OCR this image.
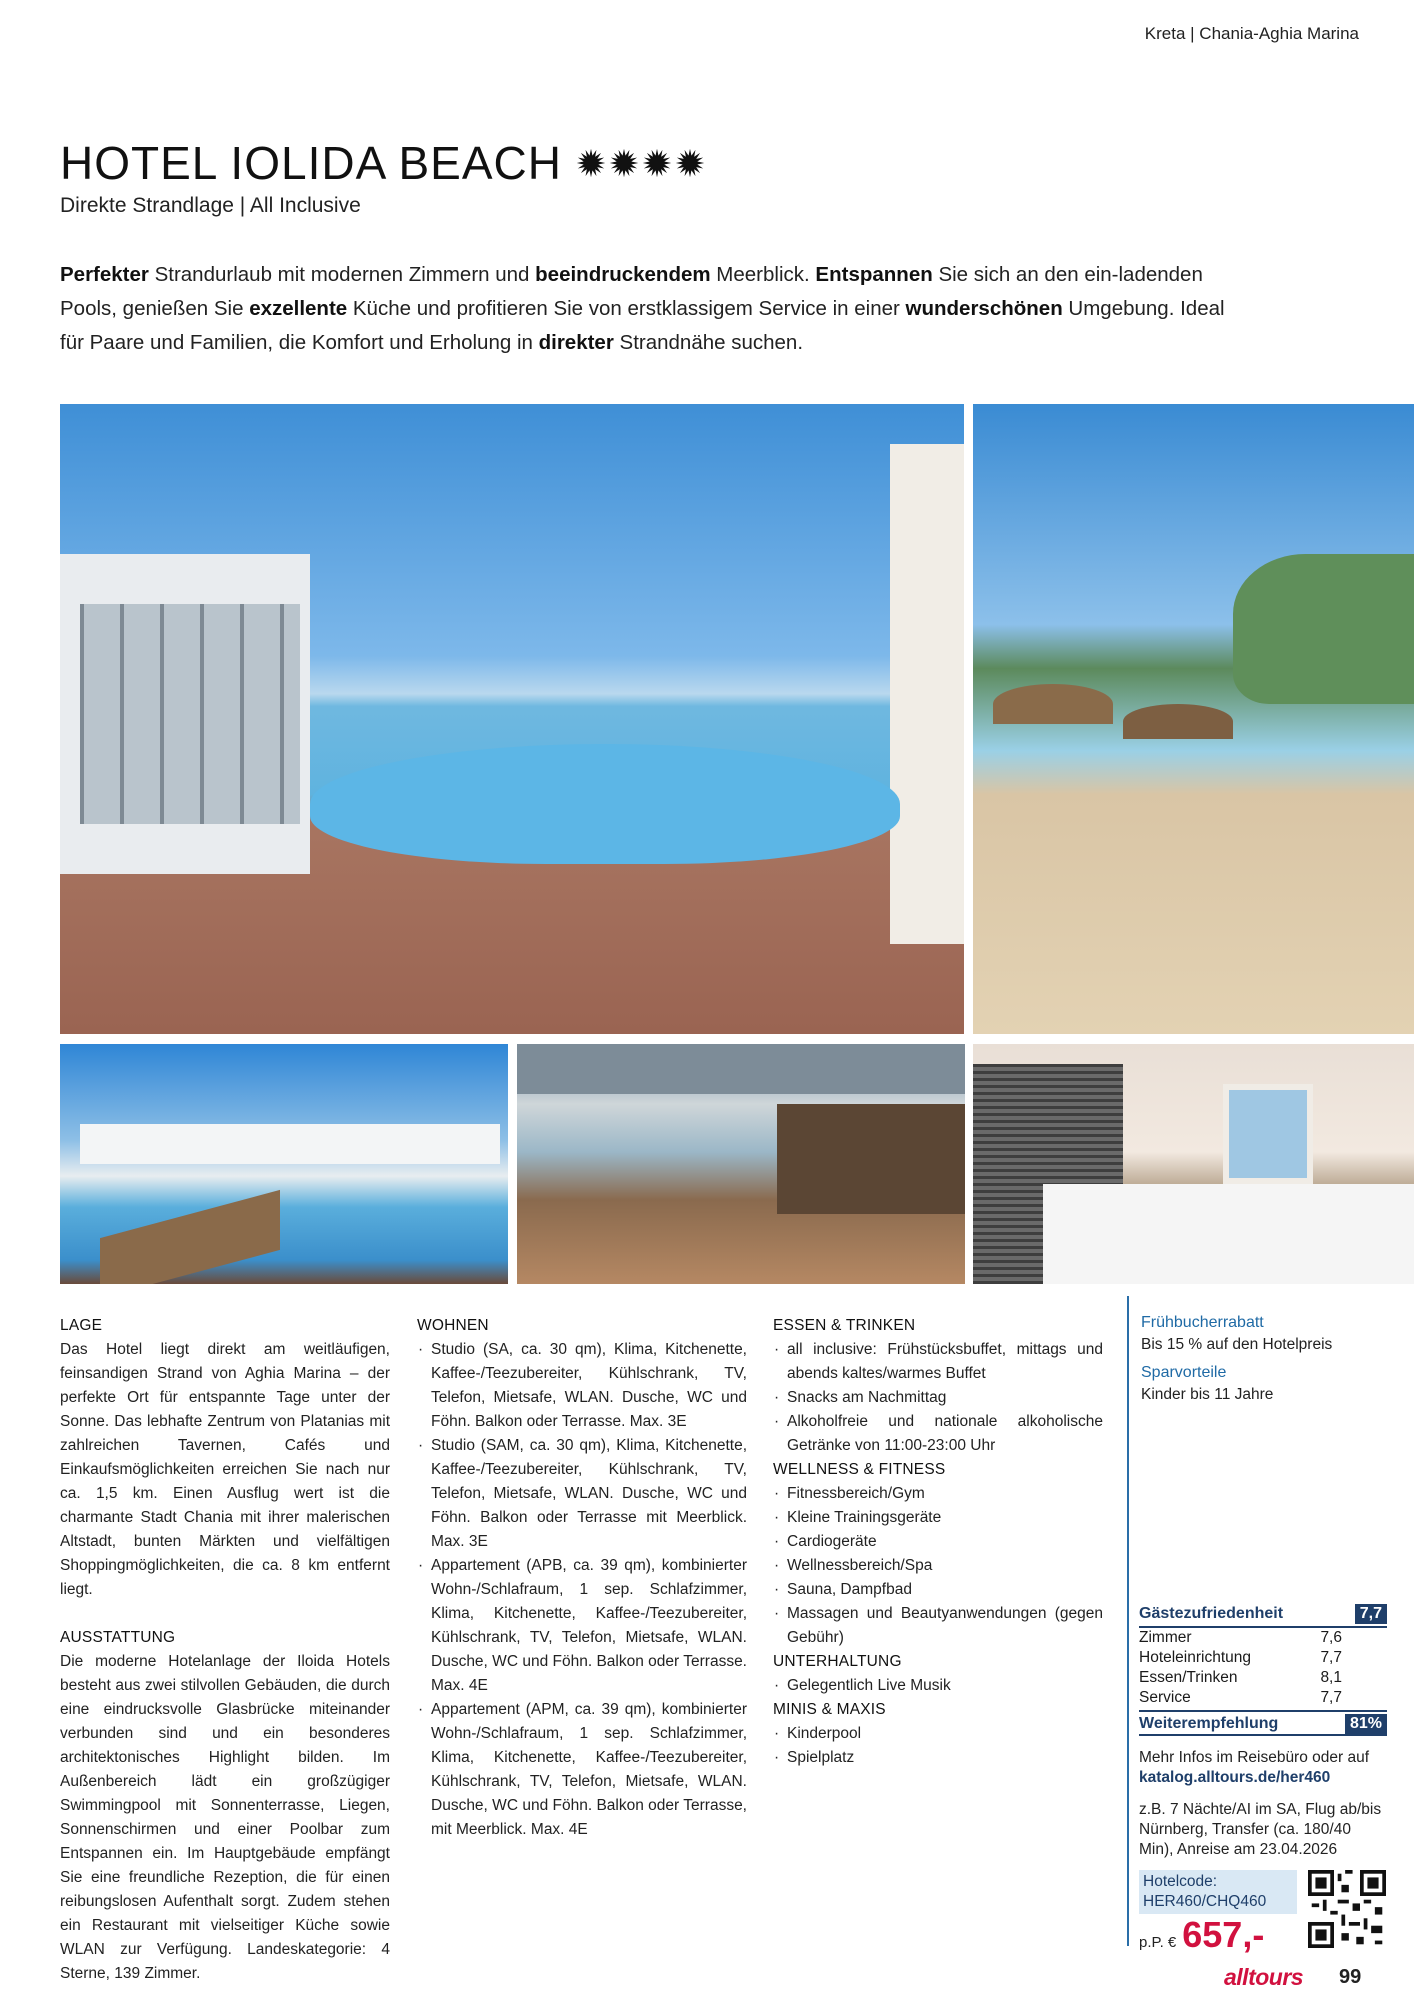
Kreta | Chania-Aghia Marina
HOTEL IOLIDA BEACH
Direkte Strandlage | All Inclusive

Perfekter Strandurlaub mit modernen Zimmern und beeindruckendem Meerblick. Entspannen Sie sich an den ein-ladenden Pools, genießen Sie exzellente Küche und profitieren Sie von erstklassigem Service in einer wunderschönen Umgebung. Ideal für Paare und Familien, die Komfort und Erholung in direkter Strandnähe suchen.

LAGE
Das Hotel liegt direkt am weitläufigen, feinsandigen Strand von Aghia Marina – der perfekte Ort für entspannte Tage unter der Sonne. Das lebhafte Zentrum von Platanias mit zahlreichen Tavernen, Cafés und Einkaufsmöglichkeiten erreichen Sie nach nur ca. 1,5 km. Einen Ausflug wert ist die charmante Stadt Chania mit ihrer malerischen Altstadt, bunten Märkten und vielfältigen Shoppingmöglichkeiten, die ca. 8 km entfernt liegt.
AUSSTATTUNG
Die moderne Hotelanlage der Iloida Hotels besteht aus zwei stilvollen Gebäuden, die durch eine eindrucksvolle Glasbrücke miteinander verbunden sind und ein besonderes architektonisches Highlight bilden. Im Außenbereich lädt ein großzügiger Swimmingpool mit Sonnenterrasse, Liegen, Sonnenschirmen und einer Poolbar zum Entspannen ein. Im Hauptgebäude empfängt Sie eine freundliche Rezeption, die für einen reibungslosen Aufenthalt sorgt. Zudem stehen ein Restaurant mit vielseitiger Küche sowie WLAN zur Verfügung. Landeskategorie: 4 Sterne, 139 Zimmer.
WOHNEN
· Studio (SA, ca. 30 qm), Klima, Kitchenette, Kaffee-/Teezubereiter, Kühlschrank, TV, Telefon, Mietsafe, WLAN. Dusche, WC und Föhn. Balkon oder Terrasse. Max. 3E
· Studio (SAM, ca. 30 qm), Klima, Kitchenette, Kaffee-/Teezubereiter, Kühlschrank, TV, Telefon, Mietsafe, WLAN. Dusche, WC und Föhn. Balkon oder Terrasse mit Meerblick. Max. 3E
· Appartement (APB, ca. 39 qm), kombinierter Wohn-/Schlafraum, 1 sep. Schlafzimmer, Klima, Kitchenette, Kaffee-/Teezubereiter, Kühlschrank, TV, Telefon, Mietsafe, WLAN. Dusche, WC und Föhn. Balkon oder Terrasse. Max. 4E
· Appartement (APM, ca. 39 qm), kombinierter Wohn-/Schlafraum, 1 sep. Schlafzimmer, Klima, Kitchenette, Kaffee-/Teezubereiter, Kühlschrank, TV, Telefon, Mietsafe, WLAN. Dusche, WC und Föhn. Balkon oder Terrasse, mit Meerblick. Max. 4E
ESSEN & TRINKEN
· all inclusive: Frühstücksbuffet, mittags und abends kaltes/warmes Buffet
· Snacks am Nachmittag
· Alkoholfreie und nationale alkoholische Getränke von 11:00-23:00 Uhr
WELLNESS & FITNESS
· Fitnessbereich/Gym
· Kleine Trainingsgeräte
· Cardiogeräte
· Wellnessbereich/Spa
· Sauna, Dampfbad
· Massagen und Beautyanwendungen (gegen Gebühr)
UNTERHALTUNG
· Gelegentlich Live Musik
MINIS & MAXIS
· Kinderpool
· Spielplatz
Frühbucherrabatt
Bis 15 % auf den Hotelpreis
Sparvorteile
Kinder bis 11 Jahre
Gästezufriedenheit	7,7
Zimmer	7,6
Hoteleinrichtung	7,7
Essen/Trinken	8,1
Service	7,7
Weiterempfehlung	81%
Mehr Infos im Reisebüro oder auf
katalog.alltours.de/her460
z.B. 7 Nächte/AI im SA, Flug ab/bis Nürnberg, Transfer (ca. 180/40 Min), Anreise am 23.04.2026
Hotelcode:
HER460/CHQ460
p.P. € 657,-
alltours 99
